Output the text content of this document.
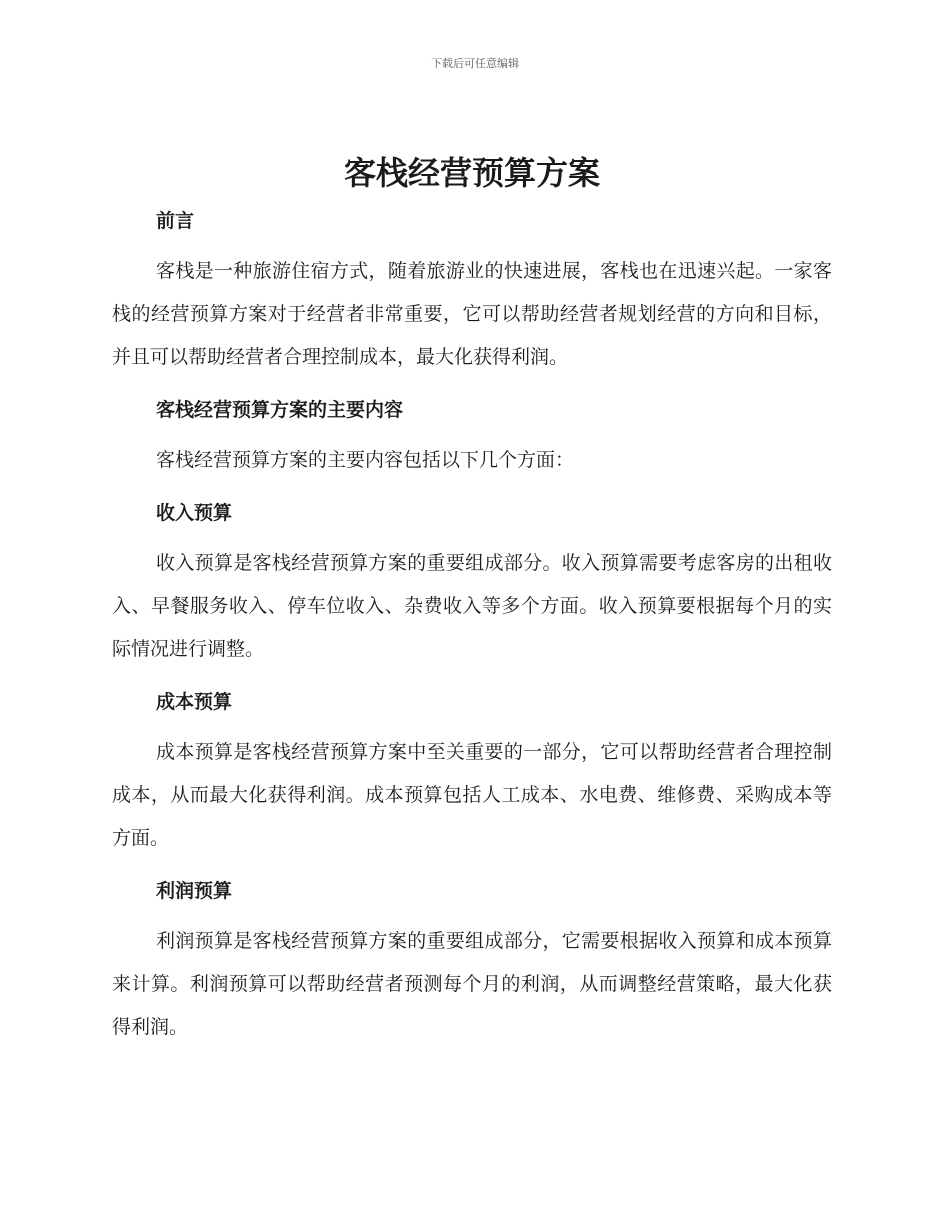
下载后可任意编辑
客栈经营预算方案
前言

客栈是一种旅游住宿方式，随着旅游业的快速进展，客栈也在迅速兴起。一家客栈的经营预算方案对于经营者非常重要，它可以帮助经营者规划经营的方向和目标，并且可以帮助经营者合理控制成本，最大化获得利润。

客栈经营预算方案的主要内容

客栈经营预算方案的主要内容包括以下几个方面：

收入预算

收入预算是客栈经营预算方案的重要组成部分。收入预算需要考虑客房的出租收入、早餐服务收入、停车位收入、杂费收入等多个方面。收入预算要根据每个月的实际情况进行调整。

成本预算

成本预算是客栈经营预算方案中至关重要的一部分，它可以帮助经营者合理控制成本，从而最大化获得利润。成本预算包括人工成本、水电费、维修费、采购成本等方面。

利润预算

利润预算是客栈经营预算方案的重要组成部分，它需要根据收入预算和成本预算来计算。利润预算可以帮助经营者预测每个月的利润，从而调整经营策略，最大化获得利润。
